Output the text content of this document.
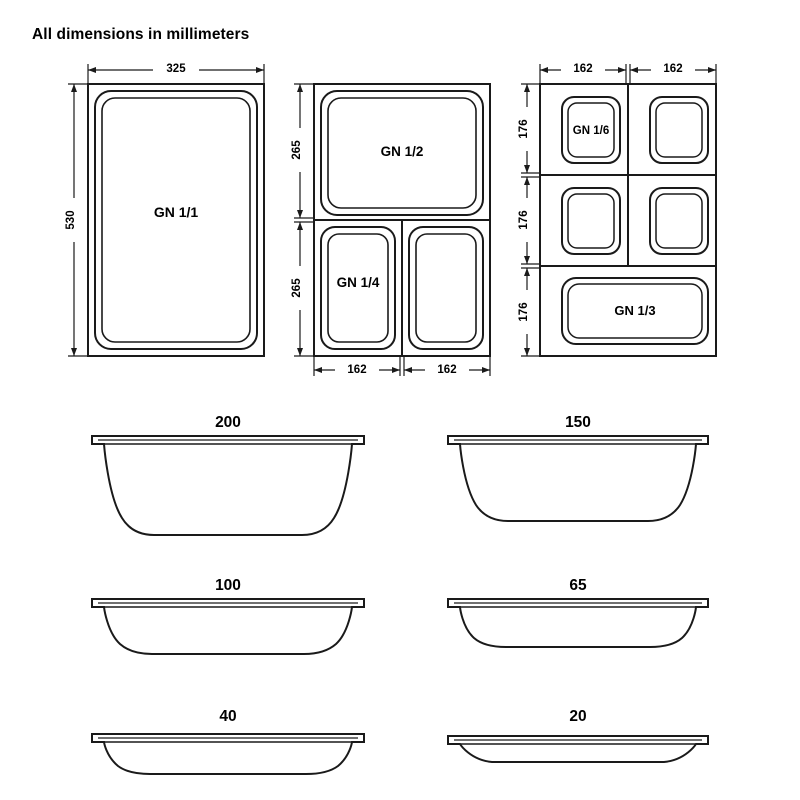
All dimensions in millimeters
325
530	GN 1/1
GN 1/2
GN 1/4
265
265
162	162
GN 1/6
GN 1/3
162	162
176
176
176
200	150
100	65
40	20
